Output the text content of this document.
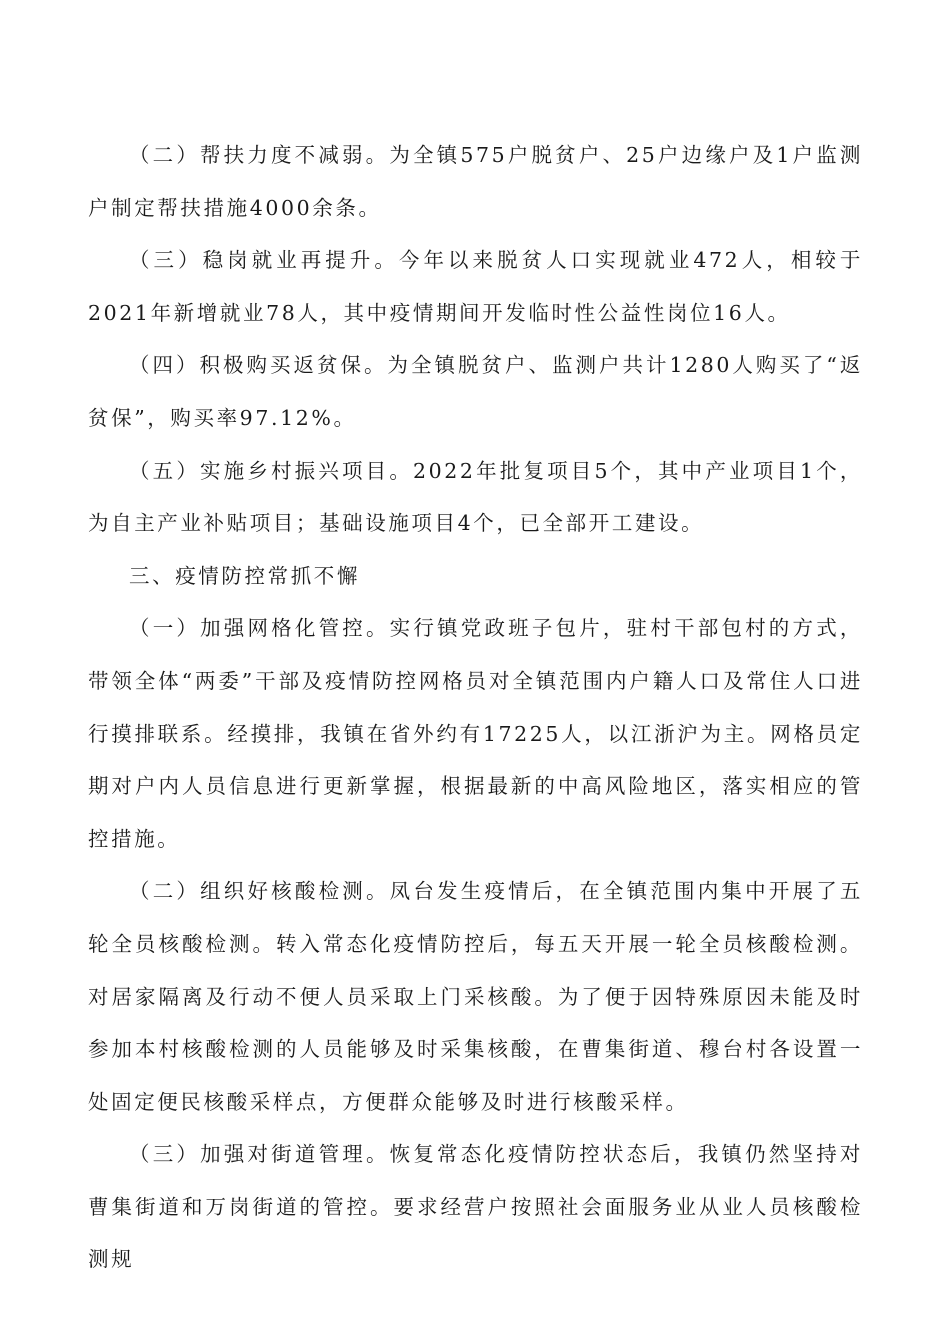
（二）帮扶力度不减弱。为全镇575户脱贫户、25户边缘户及1户监测户制定帮扶措施4000余条。

（三）稳岗就业再提升。今年以来脱贫人口实现就业472人，相较于2021年新增就业78人，其中疫情期间开发临时性公益性岗位16人。

（四）积极购买返贫保。为全镇脱贫户、监测户共计1280人购买了“返贫保”，购买率97.12%。

（五）实施乡村振兴项目。2022年批复项目5个，其中产业项目1个，为自主产业补贴项目；基础设施项目4个，已全部开工建设。

三、疫情防控常抓不懈

（一）加强网格化管控。实行镇党政班子包片，驻村干部包村的方式，带领全体“两委”干部及疫情防控网格员对全镇范围内户籍人口及常住人口进行摸排联系。经摸排，我镇在省外约有17225人，以江浙沪为主。网格员定期对户内人员信息进行更新掌握，根据最新的中高风险地区，落实相应的管控措施。

（二）组织好核酸检测。凤台发生疫情后，在全镇范围内集中开展了五轮全员核酸检测。转入常态化疫情防控后，每五天开展一轮全员核酸检测。对居家隔离及行动不便人员采取上门采核酸。为了便于因特殊原因未能及时参加本村核酸检测的人员能够及时采集核酸，在曹集街道、穆台村各设置一处固定便民核酸采样点，方便群众能够及时进行核酸采样。

（三）加强对街道管理。恢复常态化疫情防控状态后，我镇仍然坚持对曹集街道和万岗街道的管控。要求经营户按照社会面服务业从业人员核酸检测规
